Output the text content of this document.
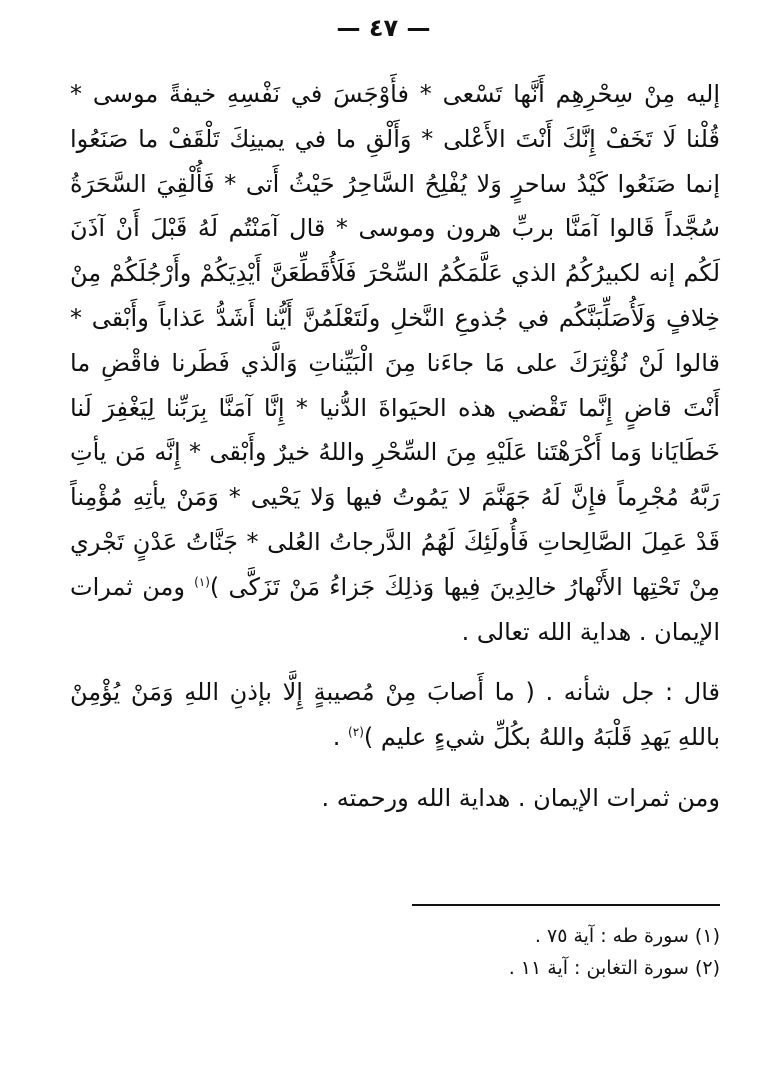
— ٤٧ —

إليه مِنْ سِحْرِهِم أَنَّها تَسْعى * فأَوْجَسَ في نَفْسِهِ خيفةً موسى * قُلْنا لَا تَخَفْ إِنَّكَ أَنْتَ الأَعْلى * وَأَلْقِ ما في يمينِكَ تَلْقَفْ ما صَنَعُوا إنما صَنَعُوا كَيْدُ ساحرٍ وَلا يُفْلِحُ السَّاحِرُ حَيْثُ أَتى * فَأُلْقِيَ السَّحَرَةُ سُجَّداً قَالوا آمَنَّا بربِّ هرون وموسى * قال آمَنْتُم لَهُ قَبْلَ أَنْ آذَنَ لَكُم إنه لكبيرُكُمُ الذي عَلَّمَكُمُ السِّحْرَ فَلَأُقَطِّعَنَّ أَيْدِيَكُمْ وأَرْجُلَكُمْ مِنْ خِلافٍ وَلَأُصَلِّبَنَّكُم في جُذوعِ النَّخلِ ولَتَعْلَمُنَّ أَيُّنا أَشَدُّ عَذاباً وأَبْقى * قالوا لَنْ نُؤْثِرَكَ على مَا جاءَنا مِنَ الْبَيِّناتِ وَالَّذي فَطَرنا فاقْضِ ما أَنْتَ قاضٍ إِنَّما تَقْضي هذه الحيَواةَ الدُّنيا * إِنَّا آمَنَّا بِرَبِّنا لِيَغْفِرَ لَنا خَطَايَانا وَما أَكْرَهْتَنا عَلَيْهِ مِنَ السِّحْرِ واللهُ خيرٌ وأَبْقى * إِنَّه مَن يأتِ رَبَّهُ مُجْرِماً فإِنَّ لَهُ جَهَنَّمَ لا يَمُوتُ فيها وَلا يَحْيى * وَمَنْ يأتِهِ مُؤْمِناً قَدْ عَمِلَ الصَّالِحاتِ فَأُولَئِكَ لَهُمُ الدَّرجاتُ العُلى * جَنَّاتُ عَدْنٍ تَجْري مِنْ تَحْتِها الأَنْهارُ خالِدِينَ فِيها وَذلِكَ جَزاءُ مَنْ تَزَكَّى )$^{(١)}$ ومن ثمرات الإيمان . هداية الله تعالى .

قال : جل شأنه . ( ما أَصابَ مِنْ مُصيبةٍ إِلَّا بإذنِ اللهِ وَمَنْ يُؤْمِنْ باللهِ يَهدِ قَلْبَهُ واللهُ بكُلِّ شيءٍ عليم )$^{(٢)}$ .

ومن ثمرات الإيمان . هداية الله ورحمته .

(١) سورة طه : آية ٧٥ .
(٢) سورة التغابن : آية ١١ .
